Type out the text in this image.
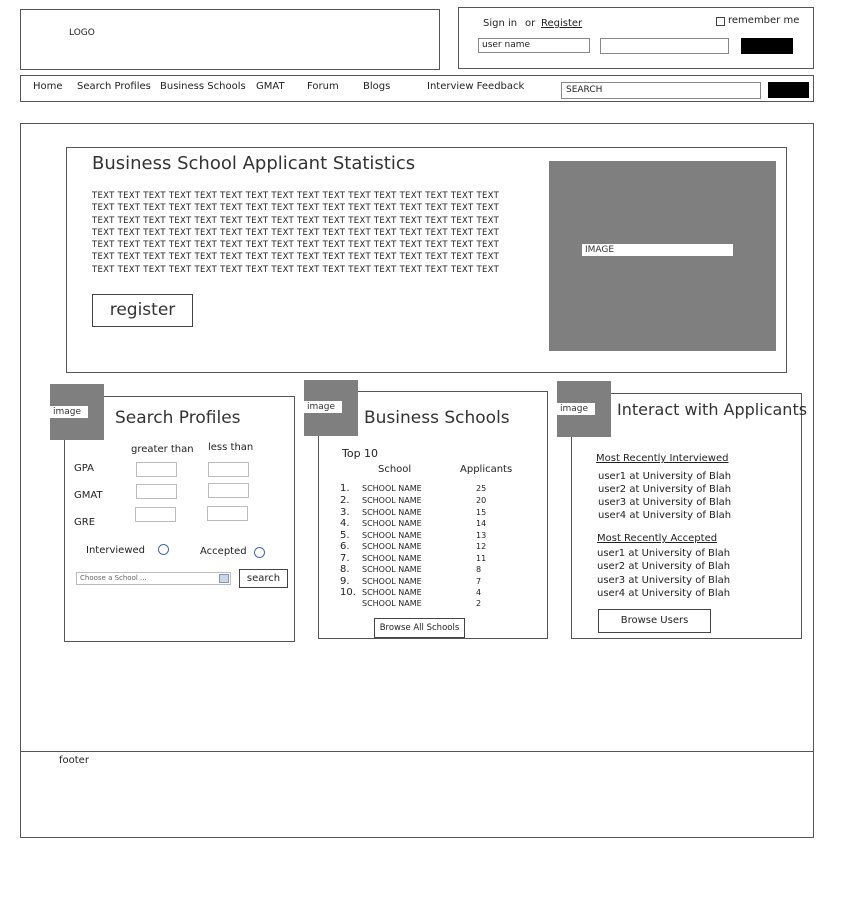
LOGO
Sign in or Register	remember me
user name
Home Search Profiles Business Schools GMAT Forum Blogs	Interview Feedback	SEARCH
Business School Applicant Statistics
TEXT TEXT TEXT TEXT TEXT TEXT TEXT TEXT TEXT TEXT TEXT TEXT TEXT TEXT TEXT TEXT
TEXT TEXT TEXT TEXT TEXT TEXT TEXT TEXT TEXT TEXT TEXT TEXT TEXT TEXT TEXT TEXT
TEXT TEXT TEXT TEXT TEXT TEXT TEXT TEXT TEXT TEXT TEXT TEXT TEXT TEXT TEXT TEXT
TEXT TEXT TEXT TEXT TEXT TEXT TEXT TEXT TEXT TEXT TEXT TEXT TEXT TEXT TEXT TEXT
TEXT TEXT TEXT TEXT TEXT TEXT TEXT TEXT TEXT TEXT TEXT TEXT TEXT TEXT TEXT TEXT
TEXT TEXT TEXT TEXT TEXT TEXT TEXT TEXT TEXT TEXT TEXT TEXT TEXT TEXT TEXT TEXT
TEXT TEXT TEXT TEXT TEXT TEXT TEXT TEXT TEXT TEXT TEXT TEXT TEXT TEXT TEXT TEXT
register
IMAGE
image	Search Profiles
greater than less than
GPA
GMAT
GRE
Interviewed	Accepted
Choose a School ...	search
image
Business Schools
Top 10
School	Applicants
1. SCHOOL NAME	25
2. SCHOOL NAME	20
3. SCHOOL NAME	15
4. SCHOOL NAME	14
5. SCHOOL NAME	13
6. SCHOOL NAME	12
7. SCHOOL NAME	11
8. SCHOOL NAME	8
9. SCHOOL NAME	7
10. SCHOOL NAME	4
SCHOOL NAME	2
Browse All Schools
image	Interact with Applicants
Most Recently Interviewed
user1 at University of Blah
user2 at University of Blah
user3 at University of Blah
user4 at University of Blah
Most Recently Accepted
user1 at University of Blah
user2 at University of Blah
user3 at University of Blah
user4 at University of Blah
Browse Users
footer
